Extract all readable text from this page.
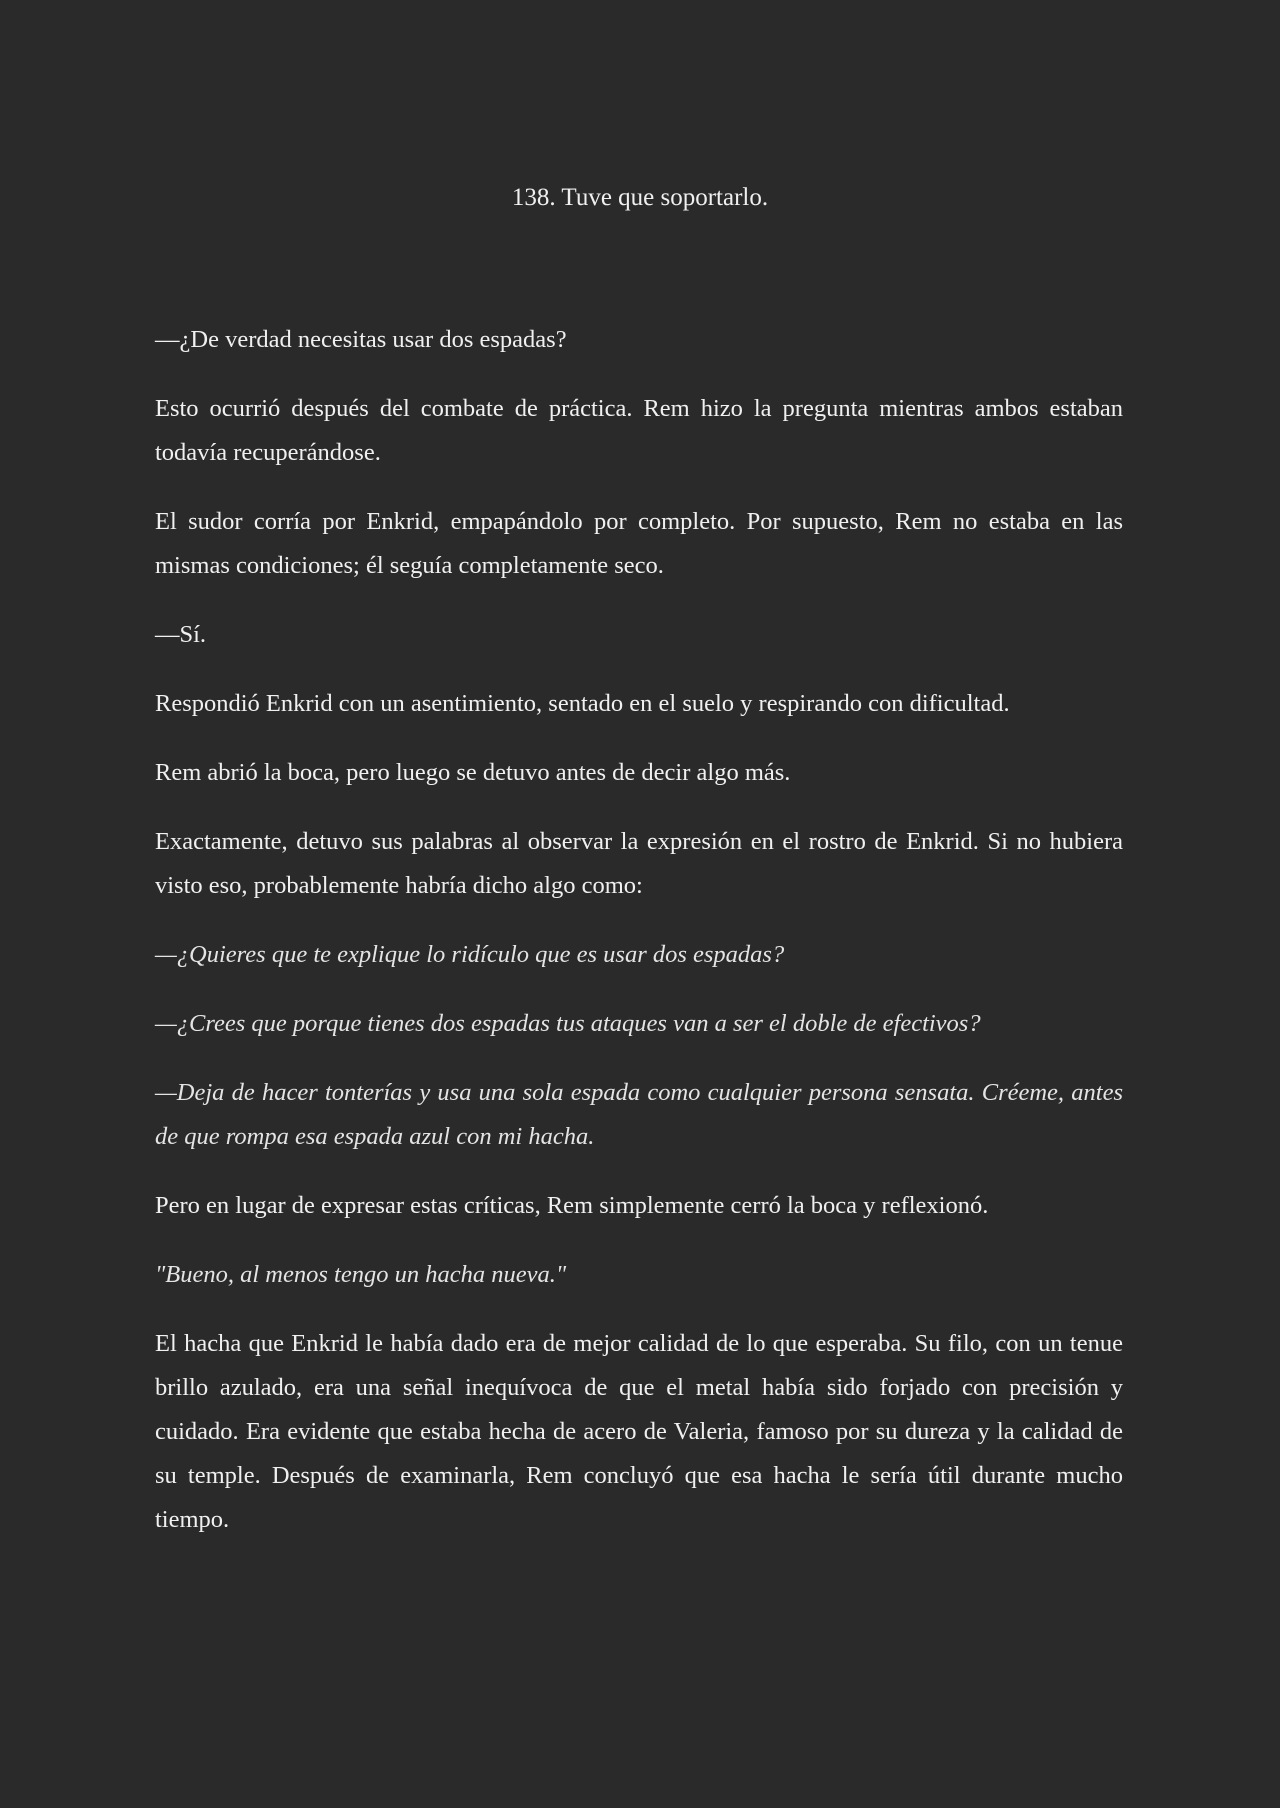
138. Tuve que soportarlo.

—¿De verdad necesitas usar dos espadas?

Esto ocurrió después del combate de práctica. Rem hizo la pregunta mientras ambos estaban todavía recuperándose.

El sudor corría por Enkrid, empapándolo por completo. Por supuesto, Rem no estaba en las mismas condiciones; él seguía completamente seco.

—Sí.

Respondió Enkrid con un asentimiento, sentado en el suelo y respirando con dificultad.

Rem abrió la boca, pero luego se detuvo antes de decir algo más.

Exactamente, detuvo sus palabras al observar la expresión en el rostro de Enkrid. Si no hubiera visto eso, probablemente habría dicho algo como:

—¿Quieres que te explique lo ridículo que es usar dos espadas?

—¿Crees que porque tienes dos espadas tus ataques van a ser el doble de efectivos?

—Deja de hacer tonterías y usa una sola espada como cualquier persona sensata. Créeme, antes de que rompa esa espada azul con mi hacha.

Pero en lugar de expresar estas críticas, Rem simplemente cerró la boca y reflexionó.

"Bueno, al menos tengo un hacha nueva."

El hacha que Enkrid le había dado era de mejor calidad de lo que esperaba. Su filo, con un tenue brillo azulado, era una señal inequívoca de que el metal había sido forjado con precisión y cuidado. Era evidente que estaba hecha de acero de Valeria, famoso por su dureza y la calidad de su temple. Después de examinarla, Rem concluyó que esa hacha le sería útil durante mucho tiempo.
